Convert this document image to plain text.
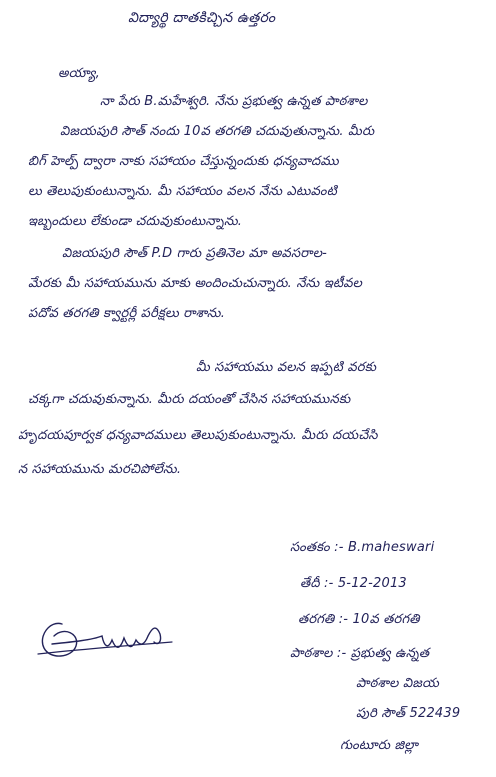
విద్యార్థి దాతకిచ్చిన ఉత్తరం
అయ్యా,
నా పేరు B.మహేశ్వరి. నేను ప్రభుత్వ ఉన్నత పాఠశాల
విజయపురి సౌత్ నందు 10వ తరగతి చదువుతున్నాను. మీరు
బిగ్ హెల్ప్ ద్వారా నాకు సహాయం చేస్తున్నందుకు ధన్యవాదము
లు తెలుపుకుంటున్నాను. మీ సహాయం వలన నేను ఎటువంటి
ఇబ్బందులు లేకుండా చదువుకుంటున్నాను.
విజయపురి సౌత్ P.D గారు ప్రతినెల మా అవసరాల-
మేరకు మీ సహాయమును మాకు అందించుచున్నారు. నేను ఇటీవల
పదోవ తరగతి క్వార్టర్లీ పరీక్షలు రాశాను.
మీ సహాయము వలన ఇప్పటి వరకు
చక్కగా చదువుకున్నాను. మీరు దయంతో చేసిన సహాయమునకు
హృదయపూర్వక ధన్యవాదములు తెలుపుకుంటున్నాను. మీరు దయచేసి
న సహాయమును మరచిపోలేను.
సంతకం :- B.maheswari
తేదీ :- 5-12-2013
తరగతి :- 10వ తరగతి
పాఠశాల :- ప్రభుత్వ ఉన్నత
పాఠశాల విజయ
పురి సౌత్ 522439
గుంటూరు జిల్లా
